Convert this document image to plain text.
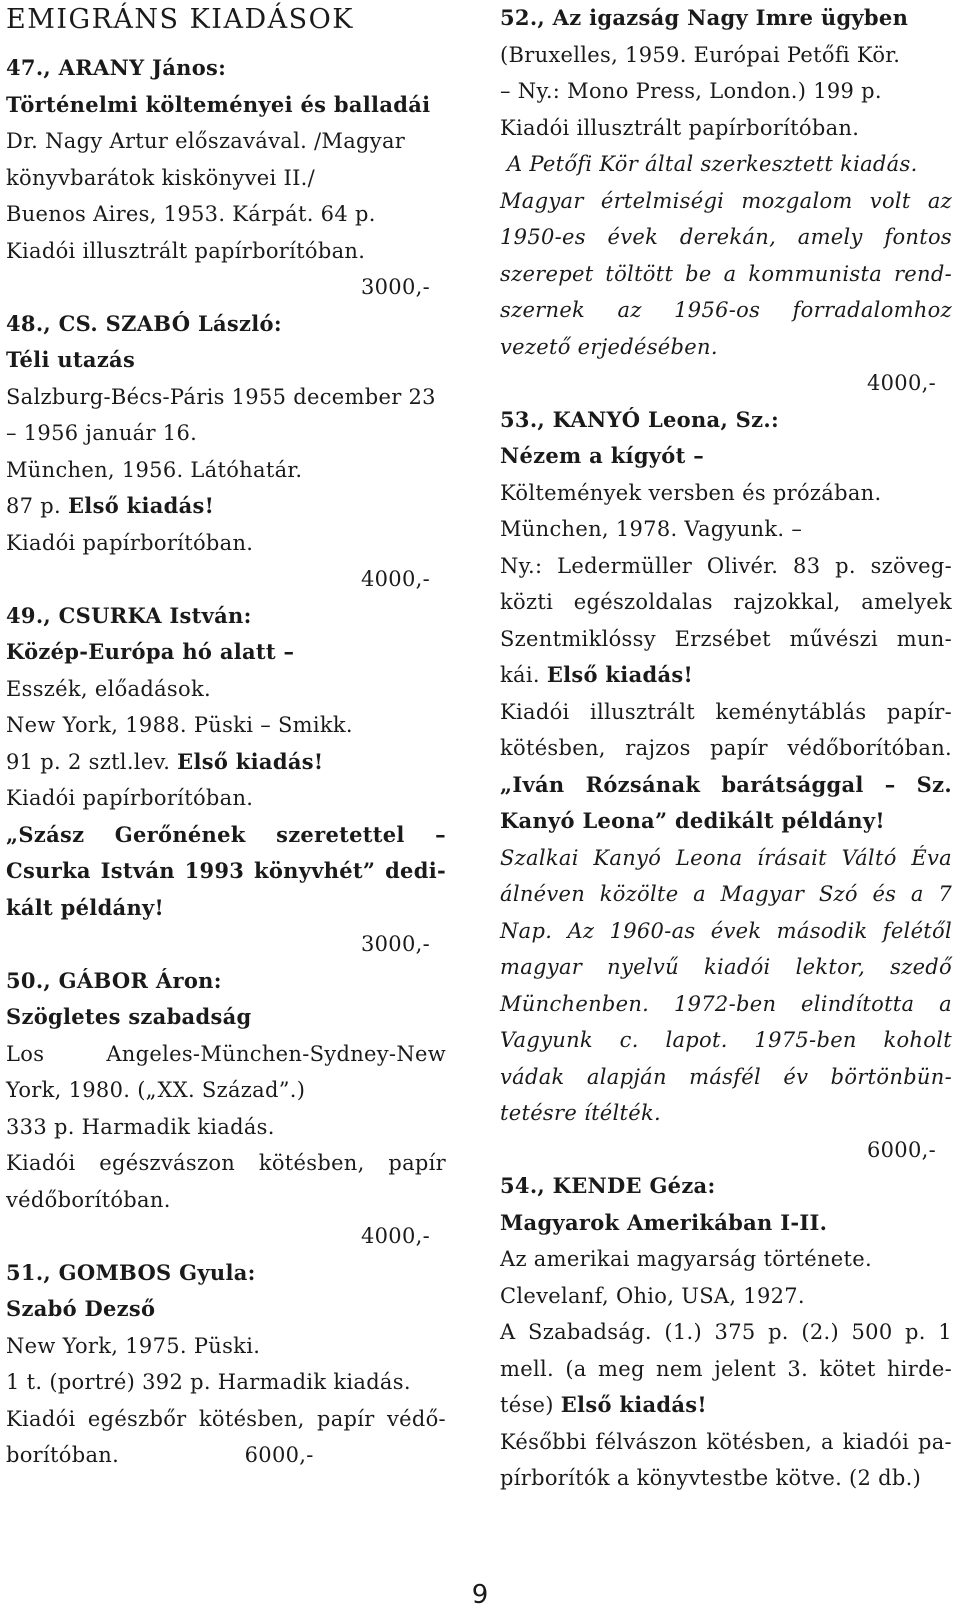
EMIGRÁNS KIADÁSOK
47., ARANY János:
Történelmi költeményei és balladái
Dr. Nagy Artur előszavával. /Magyar
könyvbarátok kiskönyvei II./
Buenos Aires, 1953. Kárpát. 64 p.
Kiadói illusztrált papírborítóban.
3000,-
48., CS. SZABÓ László:
Téli utazás
Salzburg-Bécs-Páris 1955 december 23
– 1956 január 16.
München, 1956. Látóhatár.
87 p. Első kiadás!
Kiadói papírborítóban.
4000,-
49., CSURKA István:
Közép-Európa hó alatt –
Esszék, előadások.
New York, 1988. Püski – Smikk.
91 p. 2 sztl.lev. Első kiadás!
Kiadói papírborítóban.
„Szász Gerőnének szeretettel –
Csurka István 1993 könyvhét” dedi-
kált példány!
3000,-
50., GÁBOR Áron:
Szögletes szabadság
Los	Angeles-München-Sydney-New
York, 1980. („XX. Század”.)
333 p. Harmadik kiadás.
Kiadói egészvászon kötésben, papír
védőborítóban.
4000,-
51., GOMBOS Gyula:
Szabó Dezső
New York, 1975. Püski.
1 t. (portré) 392 p. Harmadik kiadás.
Kiadói egészbőr kötésben, papír védő-
borítóban.                  6000,-
52., Az igazság Nagy Imre ügyben
(Bruxelles, 1959. Európai Petőfi Kör.
– Ny.: Mono Press, London.) 199 p.
Kiadói illusztrált papírborítóban.
A Petőfi Kör által szerkesztett kiadás.
Magyar értelmiségi mozgalom volt az
1950-es évek derekán, amely fontos
szerepet töltött be a kommunista rend-
szernek az 1956-os forradalomhoz
vezető erjedésében.
4000,-
53., KANYÓ Leona, Sz.:
Nézem a kígyót –
Költemények versben és prózában.
München, 1978. Vagyunk. –
Ny.: Ledermüller Olivér. 83 p. szöveg-
közti egészoldalas rajzokkal, amelyek
Szentmiklóssy Erzsébet művészi mun-
kái. Első kiadás!
Kiadói illusztrált keménytáblás papír-
kötésben, rajzos papír védőborítóban.
„Iván Rózsának barátsággal – Sz.
Kanyó Leona” dedikált példány!
Szalkai Kanyó Leona írásait Váltó Éva
álnéven közölte a Magyar Szó és a 7
Nap. Az 1960-as évek második felétől
magyar nyelvű kiadói lektor, szedő
Münchenben. 1972-ben elindította a
Vagyunk c. lapot. 1975-ben koholt
vádak alapján másfél év börtönbün-
tetésre ítélték.
6000,-
54., KENDE Géza:
Magyarok Amerikában I-II.
Az amerikai magyarság története.
Clevelanf, Ohio, USA, 1927.
A Szabadság. (1.) 375 p. (2.) 500 p. 1
mell. (a meg nem jelent 3. kötet hirde-
tése) Első kiadás!
Későbbi félvászon kötésben, a kiadói pa-
pírborítók a könyvtestbe kötve. (2 db.)
9
